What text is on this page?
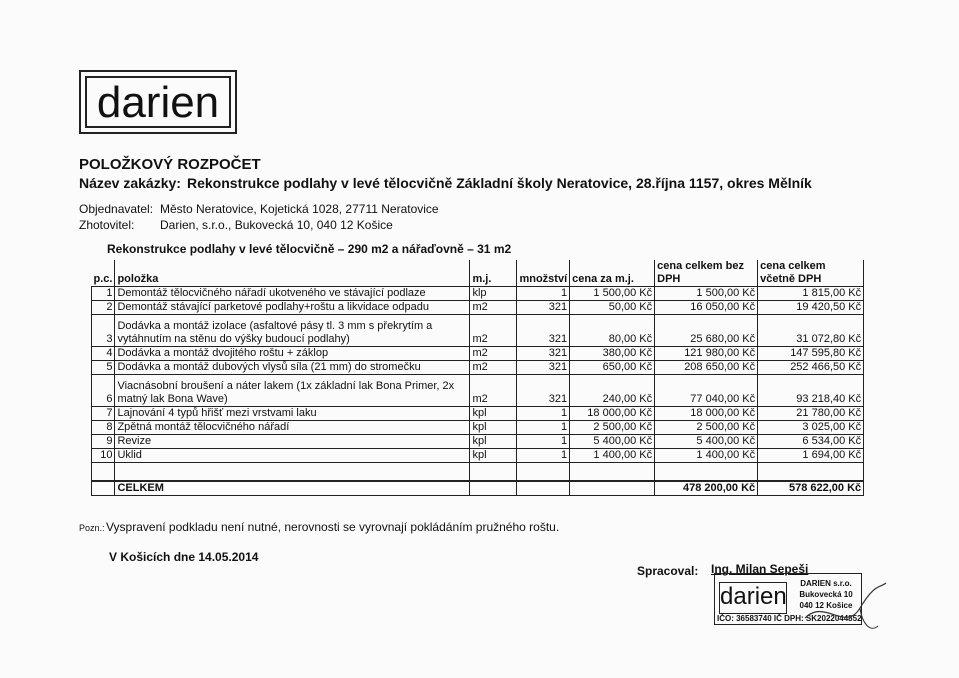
darien
POLOŽKOVÝ ROZPOČET
Název zakázky: Rekonstrukce podlahy v levé tělocvičně Základní školy Neratovice, 28.října 1157, okres Mělník
Objednavatel: Město Neratovice, Kojetická 1028, 27711 Neratovice
Zhotovitel: Darien, s.r.o., Bukovecká 10, 040 12 Košice
Rekonstrukce podlahy v levé tělocvičně – 290 m2 a nářaďovně – 31 m2
p.c.	položka	m.j.	množství	cena za m.j.	cena celkem bez DPH	cena celkem včetně DPH
1	Demontáž tělocvičného nářadí ukotveného ve stávající podlaze	klp	1	1 500,00 Kč	1 500,00 Kč	1 815,00 Kč
2	Demontáž stávající parketové podlahy+roštu a likvidace odpadu	m2	321	50,00 Kč	16 050,00 Kč	19 420,50 Kč
3	Dodávka a montáž izolace (asfaltové pásy tl. 3 mm s překrytím a vytáhnutím na stěnu do výšky budoucí podlahy)	m2	321	80,00 Kč	25 680,00 Kč	31 072,80 Kč
4	Dodávka a montáž dvojitého roštu + záklop	m2	321	380,00 Kč	121 980,00 Kč	147 595,80 Kč
5	Dodávka a montáž dubových vlysů síla (21 mm) do stromečku	m2	321	650,00 Kč	208 650,00 Kč	252 466,50 Kč
6	Viacnásobní broušení a náter lakem (1x základní lak Bona Primer, 2x matný lak Bona Wave)	m2	321	240,00 Kč	77 040,00 Kč	93 218,40 Kč
7	Lajnování 4 typů hřišť mezi vrstvami laku	kpl	1	18 000,00 Kč	18 000,00 Kč	21 780,00 Kč
8	Zpětná montáž tělocvičného nářadí	kpl	1	2 500,00 Kč	2 500,00 Kč	3 025,00 Kč
9	Revize	kpl	1	5 400,00 Kč	5 400,00 Kč	6 534,00 Kč
10	Uklid	kpl	1	1 400,00 Kč	1 400,00 Kč	1 694,00 Kč

	CELKEM				478 200,00 Kč	578 622,00 Kč
Pozn.:Vyspravení podkladu není nutné, nerovnosti se vyrovnají pokládáním pružného roštu.
V Košicích dne 14.05.2014
Spracoval: Ing. Milan Sepeši
darien	DARIEN s.r.o.
Bukovecká 10
040 12 Košice
IČO: 36583740 IČ DPH: SK2022044852
